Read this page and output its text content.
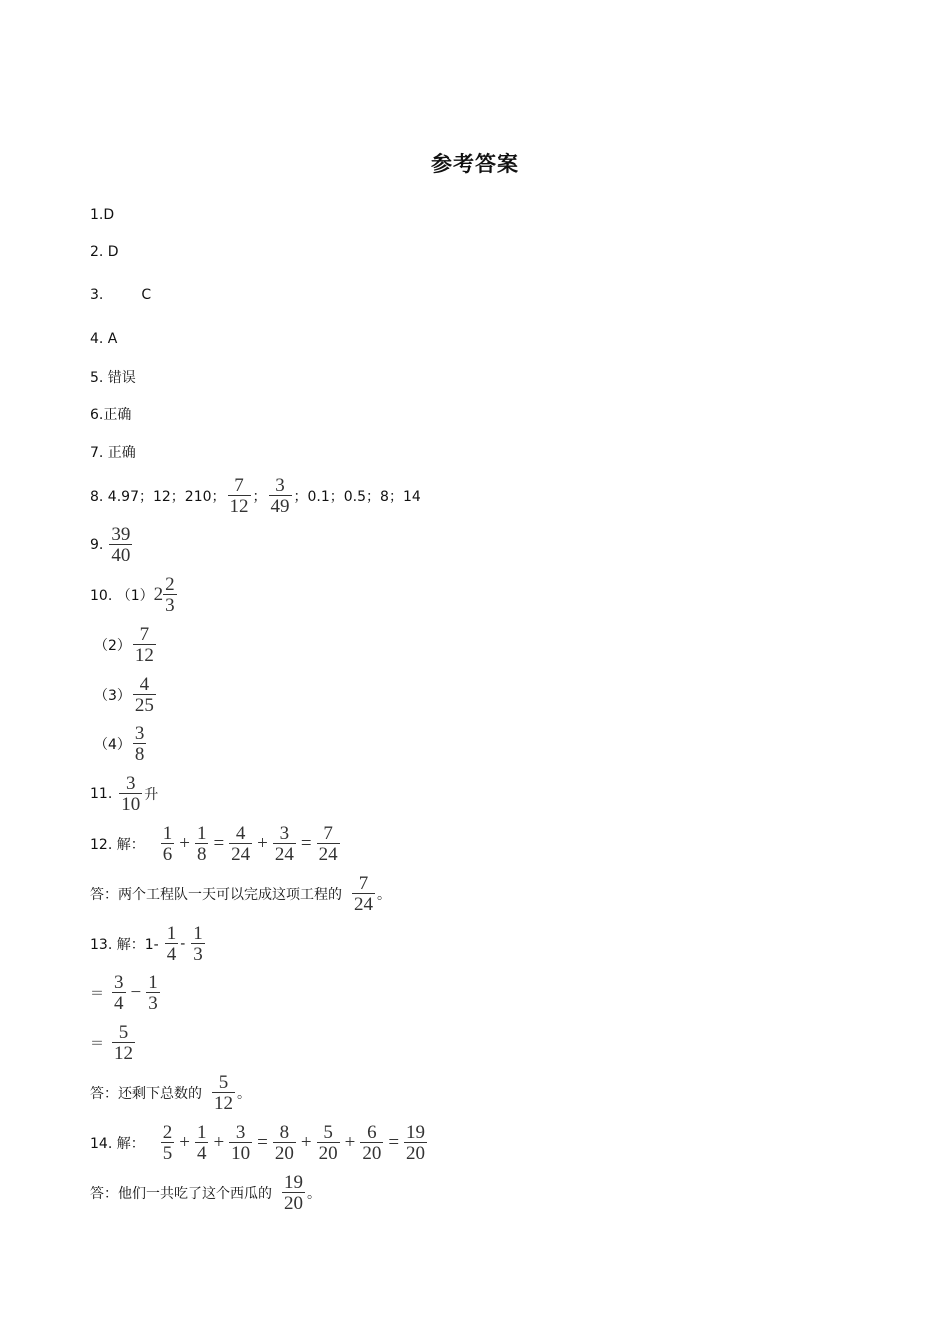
参考答案
1.D
2. D
3.	C
4. A
5. 错误
6.正确
7. 正确
8. 4.97；12；210； $\frac{7}{12}$ ； $\frac{3}{49}$ ；0.1；0.5；8；14
9. $\frac{39}{40}$
10. （1） $2 \frac{2}{3}$
$(2) \frac{7}{12}$
$(3) \frac{4}{25}$
$(4) \frac{3}{8}$
11. $\frac{3}{10}$ 升
12. 解： $\frac{1}{6} + \frac{1}{8} = \frac{4}{24} + \frac{3}{24} = \frac{7}{24}$
答：两个工程队一天可以完成这项工程的 $\frac{7}{24}$ 。
13. 解：$1- \frac{1}{4} - \frac{1}{3}$
＝ $\frac{3}{4} - \frac{1}{3}$
＝ $\frac{5}{12}$
答：还剩下总数的 $\frac{5}{12}$ 。
14. 解： $\frac{2}{5} + \frac{1}{4} + \frac{3}{10} = \frac{8}{20} + \frac{5}{20} + \frac{6}{20} = \frac{19}{20}$
答：他们一共吃了这个西瓜的 $\frac{19}{20}$ 。
